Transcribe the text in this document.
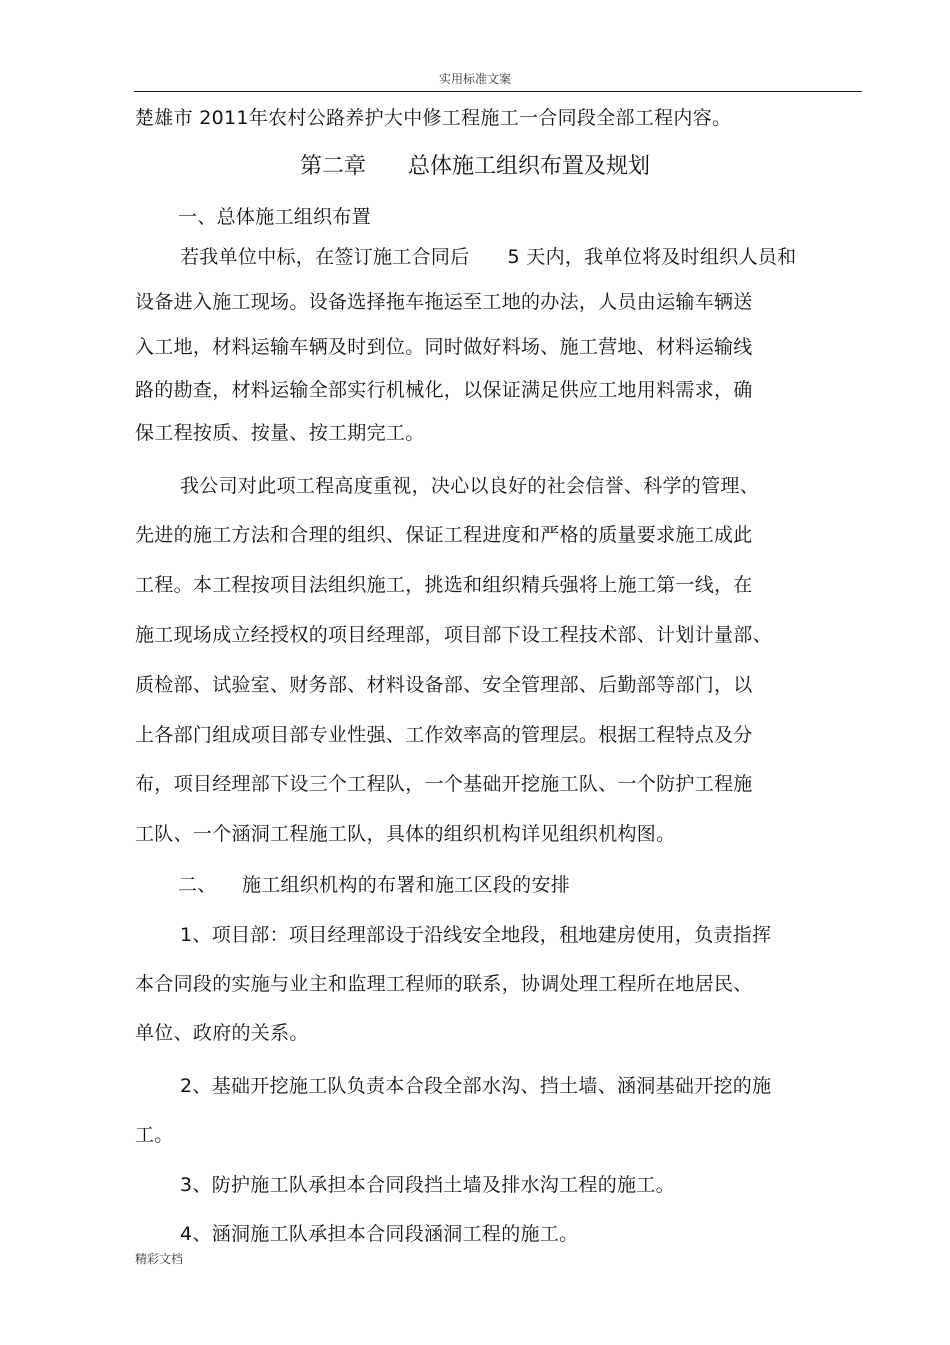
实用标准文案
楚雄市 2011年农村公路养护大中修工程施工一合同段全部工程内容。
第二章      总体施工组织布置及规划
一、总体施工组织布置
若我单位中标，在签订施工合同后      5 天内，我单位将及时组织人员和
设备进入施工现场。设备选择拖车拖运至工地的办法，人员由运输车辆送
入工地，材料运输车辆及时到位。同时做好料场、施工营地、材料运输线
路的勘查，材料运输全部实行机械化，以保证满足供应工地用料需求，确
保工程按质、按量、按工期完工。
我公司对此项工程高度重视，决心以良好的社会信誉、科学的管理、
先进的施工方法和合理的组织、保证工程进度和严格的质量要求施工成此
工程。本工程按项目法组织施工，挑选和组织精兵强将上施工第一线，在
施工现场成立经授权的项目经理部，项目部下设工程技术部、计划计量部、
质检部、试验室、财务部、材料设备部、安全管理部、后勤部等部门，以
上各部门组成项目部专业性强、工作效率高的管理层。根据工程特点及分
布，项目经理部下设三个工程队，一个基础开挖施工队、一个防护工程施
工队、一个涵洞工程施工队，具体的组织机构详见组织机构图。
二、    施工组织机构的布署和施工区段的安排
1、项目部：项目经理部设于沿线安全地段，租地建房使用，负责指挥
本合同段的实施与业主和监理工程师的联系，协调处理工程所在地居民、
单位、政府的关系。
2、基础开挖施工队负责本合段全部水沟、挡土墙、涵洞基础开挖的施
工。
3、防护施工队承担本合同段挡土墙及排水沟工程的施工。
4、涵洞施工队承担本合同段涵洞工程的施工。
精彩文档
